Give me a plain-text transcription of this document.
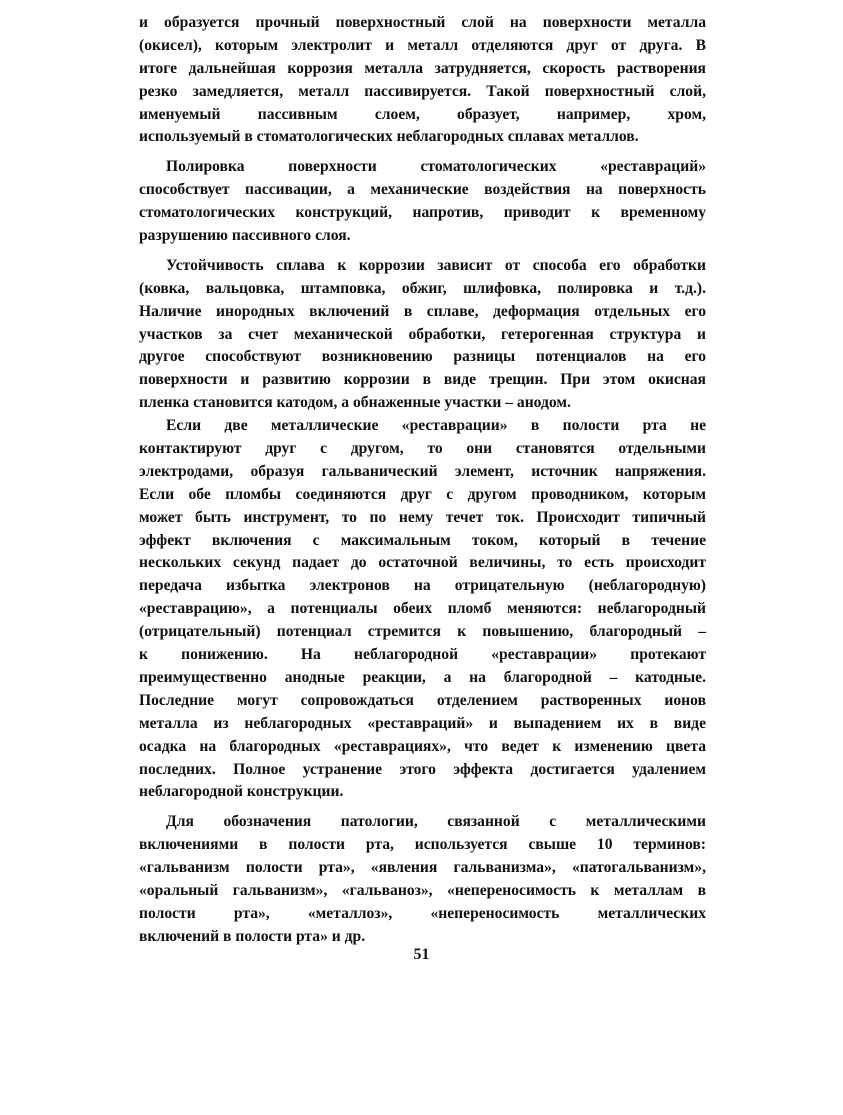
и образуется прочный поверхностный слой на поверхности металла
(окисел), которым электролит и металл отделяются друг от друга. В
итоге дальнейшая коррозия металла затрудняется, скорость растворения
резко замедляется, металл пассивируется. Такой поверхностный слой,
именуемый пассивным слоем, образует, например, хром,
используемый в стоматологических неблагородных сплавах металлов.

Полировка поверхности стоматологических «реставраций»
способствует пассивации, а механические воздействия на поверхность
стоматологических конструкций, напротив, приводит к временному
разрушению пассивного слоя.

Устойчивость сплава к коррозии зависит от способа его обработки
(ковка, вальцовка, штамповка, обжиг, шлифовка, полировка и т.д.).
Наличие инородных включений в сплаве, деформация отдельных его
участков за счет механической обработки, гетерогенная структура и
другое способствуют возникновению разницы потенциалов на его
поверхности и развитию коррозии в виде трещин. При этом окисная
пленка становится катодом, а обнаженные участки – анодом.

Если две металлические «реставрации» в полости рта не
контактируют друг с другом, то они становятся отдельными
электродами, образуя гальванический элемент, источник напряжения.
Если обе пломбы соединяются друг с другом проводником, которым
может быть инструмент, то по нему течет ток. Происходит типичный
эффект включения с максимальным током, который в течение
нескольких секунд падает до остаточной величины, то есть происходит
передача избытка электронов на отрицательную (неблагородную)
«реставрацию», а потенциалы обеих пломб меняются: неблагородный
(отрицательный) потенциал стремится к повышению, благородный –
к понижению. На неблагородной «реставрации» протекают
преимущественно анодные реакции, а на благородной – катодные.
Последние могут сопровождаться отделением растворенных ионов
металла из неблагородных «реставраций» и выпадением их в виде
осадка на благородных «реставрациях», что ведет к изменению цвета
последних. Полное устранение этого эффекта достигается удалением
неблагородной конструкции.

Для обозначения патологии, связанной с металлическими
включениями в полости рта, используется свыше 10 терминов:
«гальванизм полости рта», «явления гальванизма», «патогальванизм»,
«оральный гальванизм», «гальваноз», «непереносимость к металлам в
полости рта», «металлоз», «непереносимость металлических
включений в полости рта» и др.

51
